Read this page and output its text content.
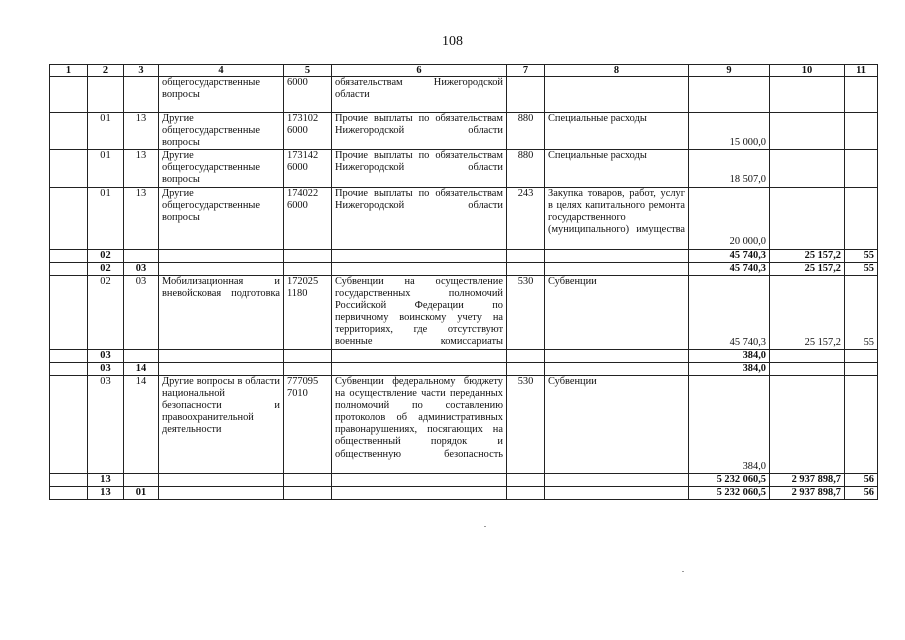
108
1	2	3	4	5	6	7	8	9	10	11
			общегосударственные вопросы	6000	обязательствам Нижегородской области					
	01	13	Другие общегосударственные вопросы	173102 6000	Прочие выплаты по обязательствам Нижегородской области	880	Специальные расходы	15 000,0		
	01	13	Другие общегосударственные вопросы	173142 6000	Прочие выплаты по обязательствам Нижегородской области	880	Специальные расходы	18 507,0		
	01	13	Другие общегосударственные вопросы	174022 6000	Прочие выплаты по обязательствам Нижегородской области	243	Закупка товаров, работ, услуг в целях капитального ремонта государственного (муниципального) имущества	20 000,0		
	02							45 740,3	25 157,2	55
	02	03						45 740,3	25 157,2	55
	02	03	Мобилизационная и вневойсковая подготовка	172025 1180	Субвенции на осуществление государственных полномочий Российской Федерации по первичному воинскому учету на территориях, где отсутствуют военные комиссариаты	530	Субвенции	45 740,3	25 157,2	55
	03							384,0		
	03	14						384,0		
	03	14	Другие вопросы в области национальной безопасности и правоохранительной деятельности	777095 7010	Субвенции федеральному бюджету на осуществление части переданных полномочий по составлению протоколов об административных правонарушениях, посягающих на общественный порядок и общественную безопасность	530	Субвенции	384,0		
	13							5 232 060,5	2 937 898,7	56
	13	01						5 232 060,5	2 937 898,7	56
